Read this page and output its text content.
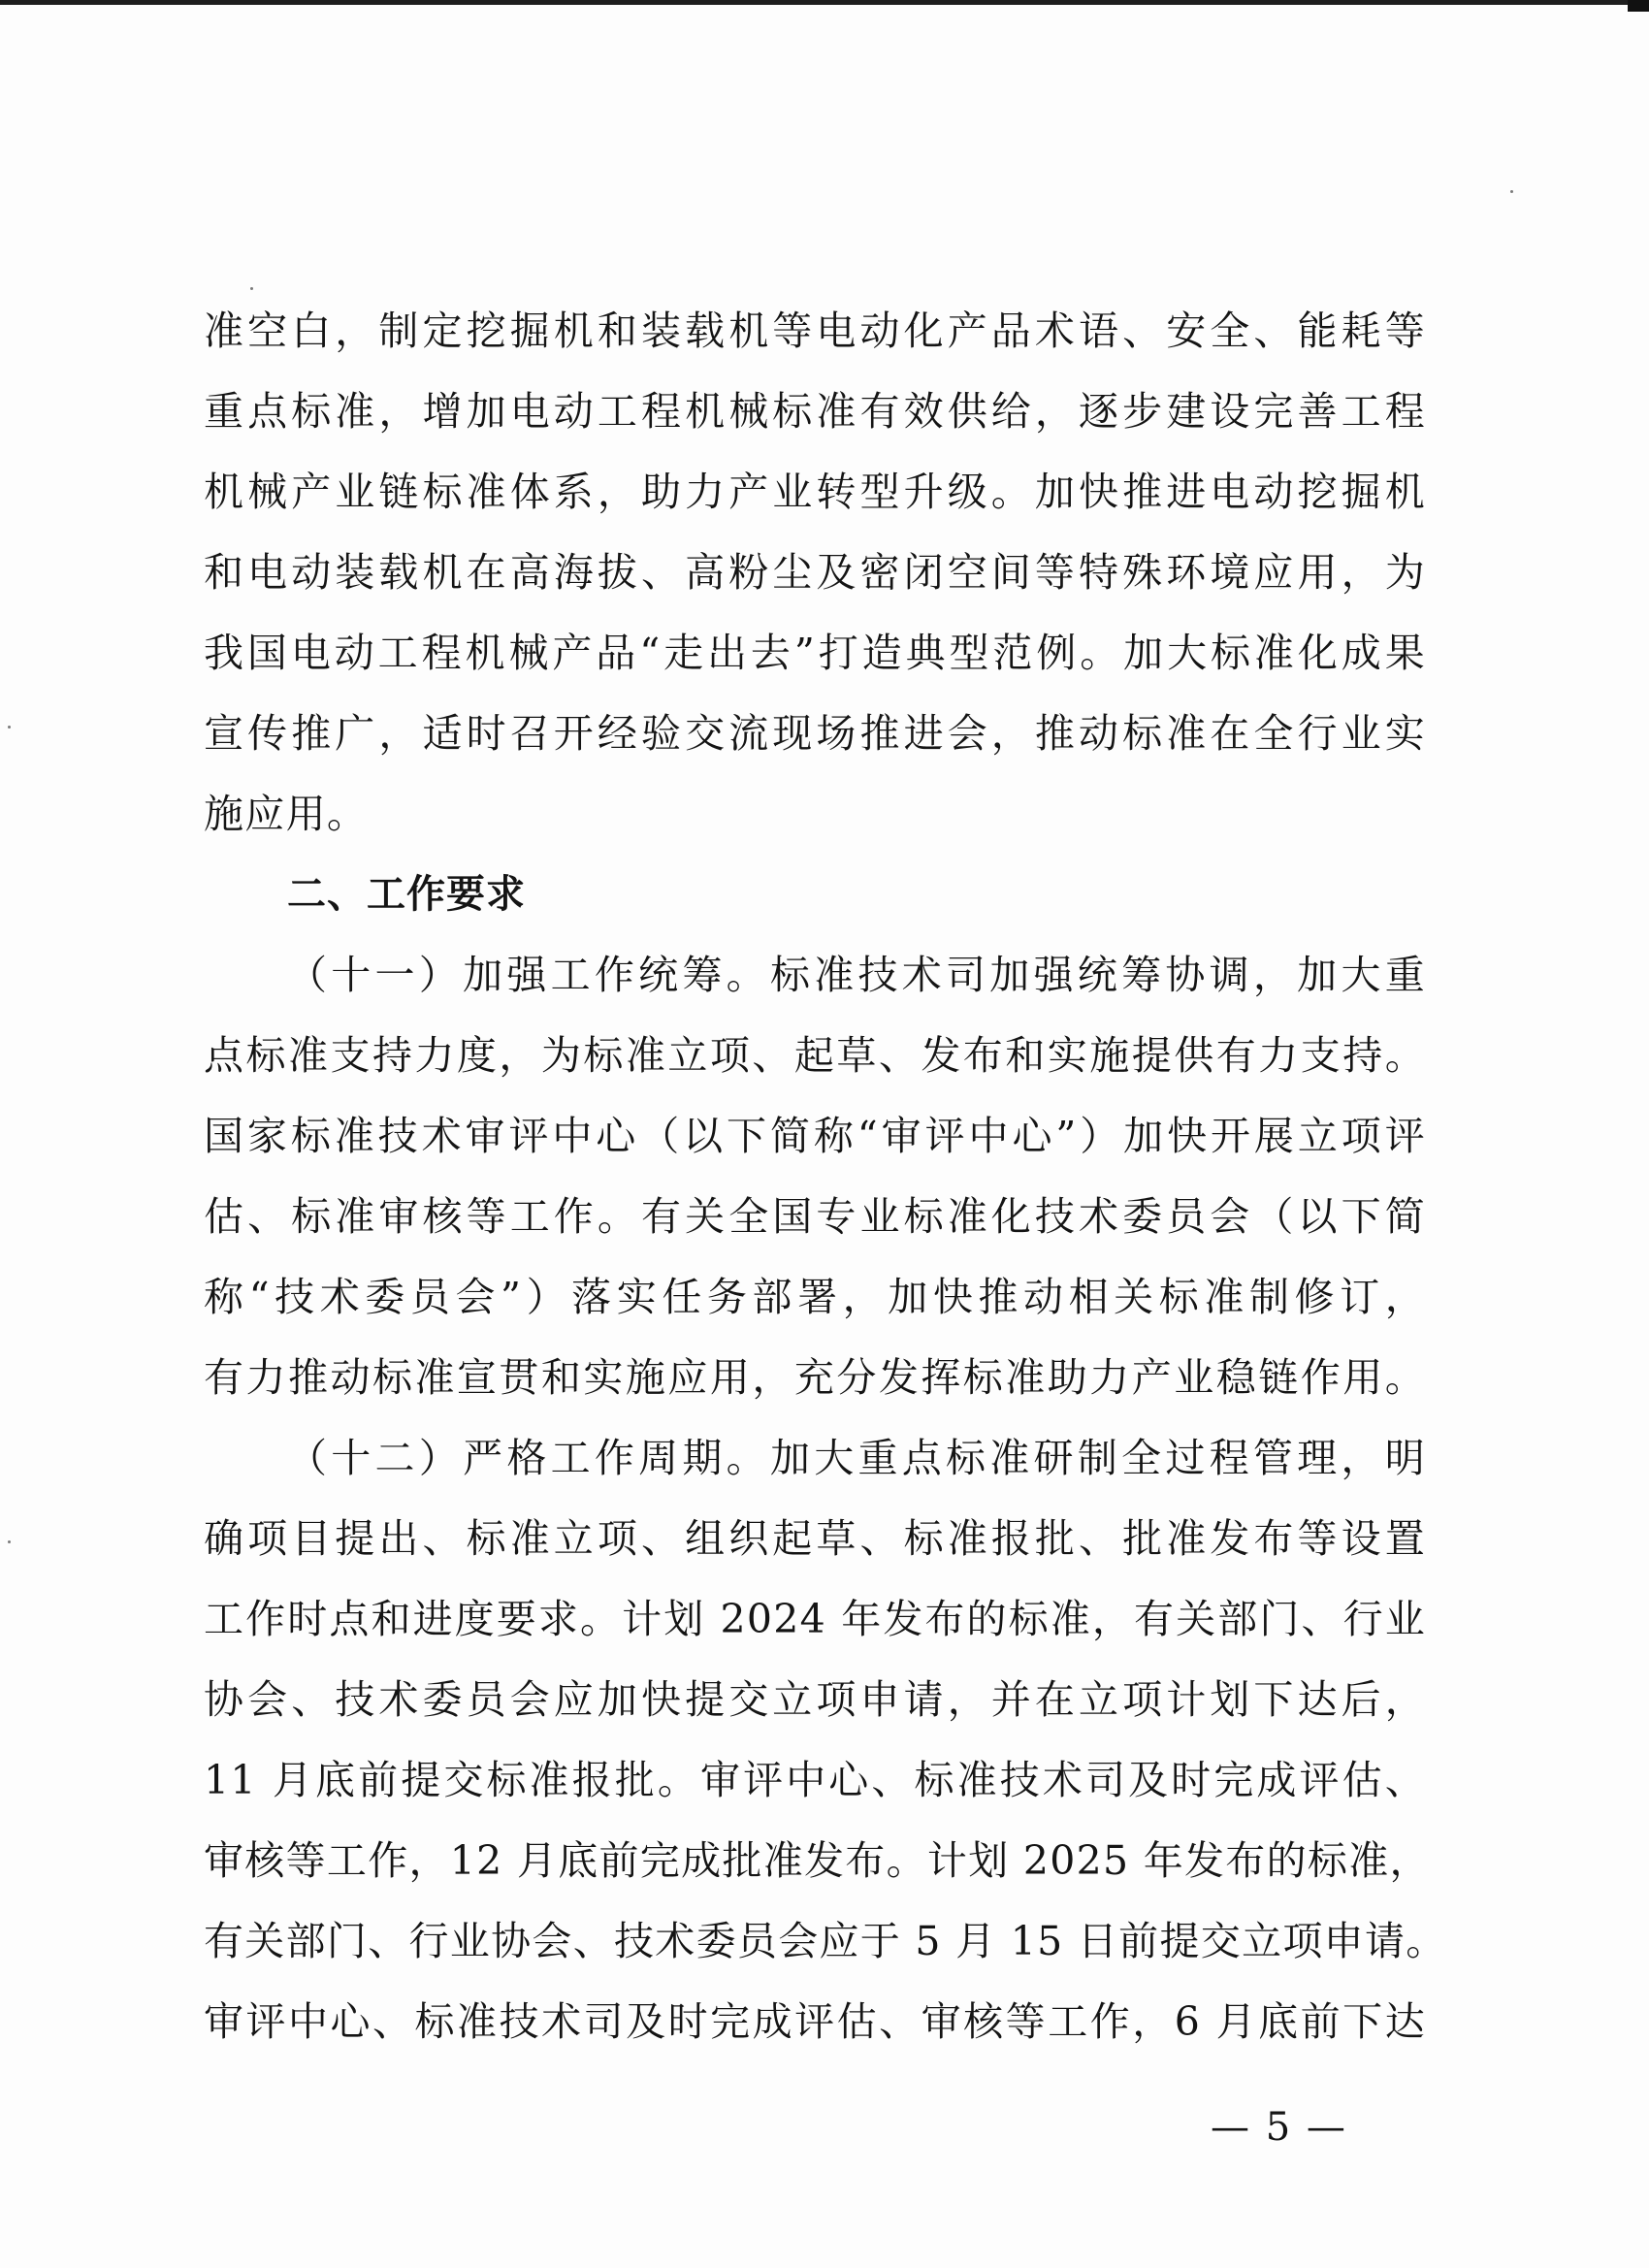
准空白，制定挖掘机和装载机等电动化产品术语、安全、能耗等
重点标准，增加电动工程机械标准有效供给，逐步建设完善工程
机械产业链标准体系，助力产业转型升级。加快推进电动挖掘机
和电动装载机在高海拔、高粉尘及密闭空间等特殊环境应用，为
我国电动工程机械产品“走出去”打造典型范例。加大标准化成果
宣传推广，适时召开经验交流现场推进会，推动标准在全行业实
施应用。
二、工作要求
（十一）加强工作统筹。标准技术司加强统筹协调，加大重
点标准支持力度，为标准立项、起草、发布和实施提供有力支持。
国家标准技术审评中心（以下简称“审评中心”）加快开展立项评
估、标准审核等工作。有关全国专业标准化技术委员会（以下简
称“技术委员会”）落实任务部署，加快推动相关标准制修订，
有力推动标准宣贯和实施应用，充分发挥标准助力产业稳链作用。
（十二）严格工作周期。加大重点标准研制全过程管理，明
确项目提出、标准立项、组织起草、标准报批、批准发布等设置
工作时点和进度要求。计划 2024 年发布的标准，有关部门、行业
协会、技术委员会应加快提交立项申请，并在立项计划下达后，
11 月底前提交标准报批。审评中心、标准技术司及时完成评估、
审核等工作，12 月底前完成批准发布。计划 2025 年发布的标准，
有关部门、行业协会、技术委员会应于 5 月 15 日前提交立项申请。
审评中心、标准技术司及时完成评估、审核等工作，6 月底前下达
— 5 —
